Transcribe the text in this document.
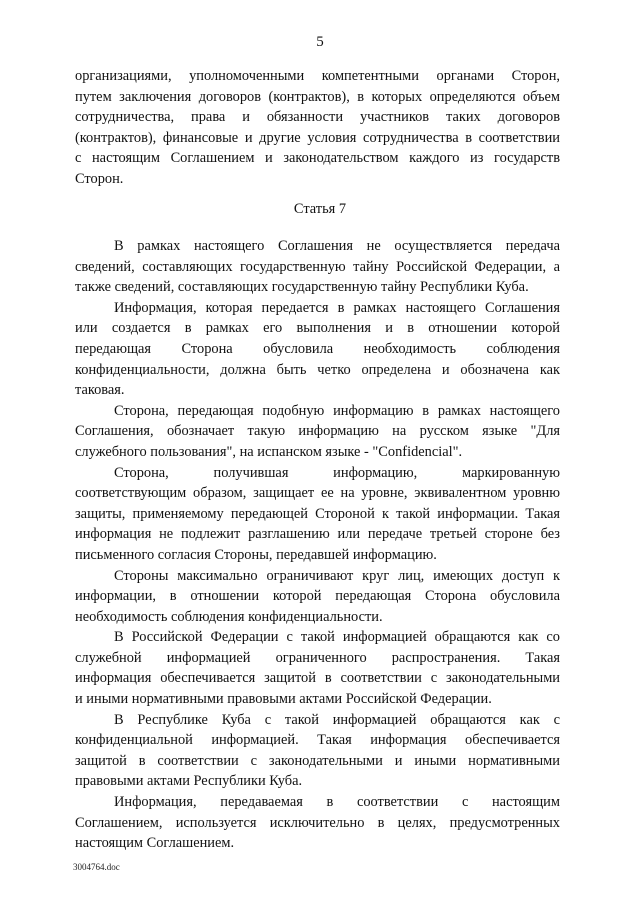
5
организациями, уполномоченными компетентными органами Сторон,
путем заключения договоров (контрактов), в которых определяются объем
сотрудничества, права и обязанности участников таких договоров
(контрактов), финансовые и другие условия сотрудничества в соответствии
с настоящим Соглашением и законодательством каждого из государств
Сторон.
Статья 7
В рамках настоящего Соглашения не осуществляется передача
сведений, составляющих государственную тайну Российской Федерации, а
также сведений, составляющих государственную тайну Республики Куба.
Информация, которая передается в рамках настоящего Соглашения
или создается в рамках его выполнения и в отношении которой
передающая Сторона обусловила необходимость соблюдения
конфиденциальности, должна быть четко определена и обозначена как
таковая.
Сторона, передающая подобную информацию в рамках настоящего
Соглашения, обозначает такую информацию на русском языке "Для
служебного пользования", на испанском языке - "Confidencial".
Сторона, получившая информацию, маркированную
соответствующим образом, защищает ее на уровне, эквивалентном уровню
защиты, применяемому передающей Стороной к такой информации. Такая
информация не подлежит разглашению или передаче третьей стороне без
письменного согласия Стороны, передавшей информацию.
Стороны максимально ограничивают круг лиц, имеющих доступ к
информации, в отношении которой передающая Сторона обусловила
необходимость соблюдения конфиденциальности.
В Российской Федерации с такой информацией обращаются как со
служебной информацией ограниченного распространения. Такая
информация обеспечивается защитой в соответствии с законодательными
и иными нормативными правовыми актами Российской Федерации.
В Республике Куба с такой информацией обращаются как с
конфиденциальной информацией. Такая информация обеспечивается
защитой в соответствии с законодательными и иными нормативными
правовыми актами Республики Куба.
Информация, передаваемая в соответствии с настоящим
Соглашением, используется исключительно в целях, предусмотренных
настоящим Соглашением.
3004764.doc
